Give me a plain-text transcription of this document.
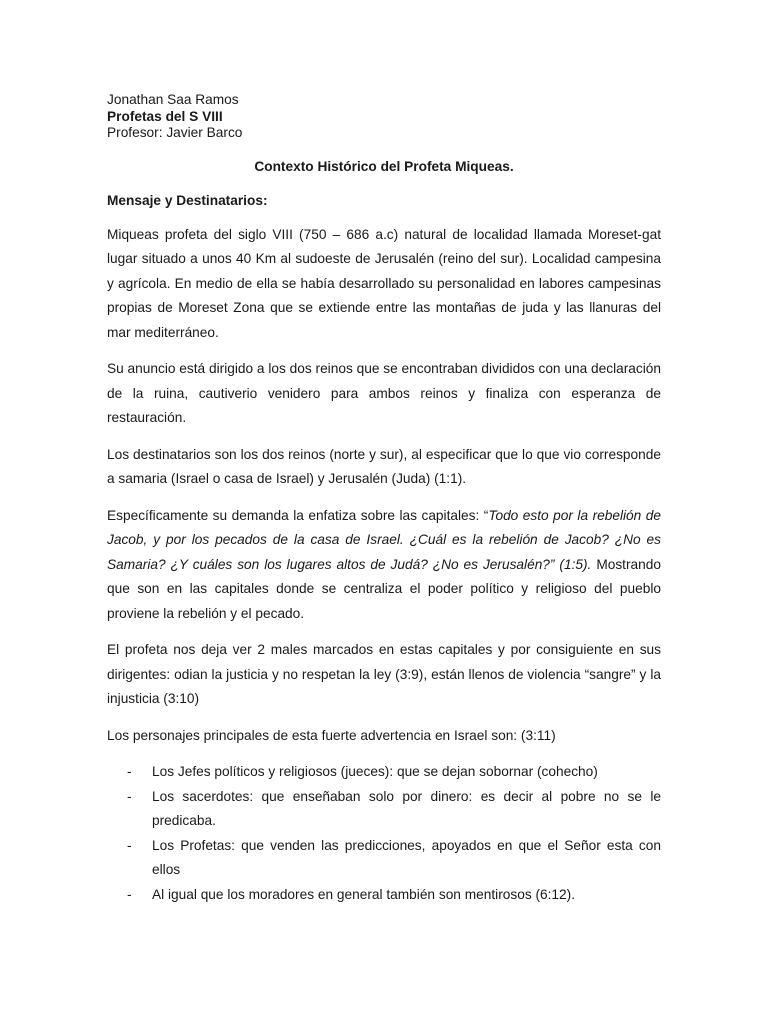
Jonathan Saa Ramos

Profetas del S VIII

Profesor: Javier Barco

Contexto Histórico del Profeta Miqueas.

Mensaje y Destinatarios:

Miqueas profeta del siglo VIII (750 – 686 a.c) natural de localidad llamada Moreset-gat lugar situado a unos 40 Km al sudoeste de Jerusalén (reino del sur). Localidad campesina y agrícola. En medio de ella se había desarrollado su personalidad en labores campesinas propias de Moreset Zona que se extiende entre las montañas de juda y las llanuras del mar mediterráneo.

Su anuncio está dirigido a los dos reinos que se encontraban divididos con una declaración de la ruina, cautiverio venidero para ambos reinos y finaliza con esperanza de restauración.

Los destinatarios son los dos reinos (norte y sur), al especificar que lo que vio corresponde a samaria (Israel o casa de Israel) y Jerusalén (Juda) (1:1).

Específicamente su demanda la enfatiza sobre las capitales: “Todo esto por la rebelión de Jacob, y por los pecados de la casa de Israel. ¿Cuál es la rebelión de Jacob? ¿No es Samaria? ¿Y cuáles son los lugares altos de Judá? ¿No es Jerusalén?” (1:5). Mostrando que son en las capitales donde se centraliza el poder político y religioso del pueblo proviene la rebelión y el pecado.

El profeta nos deja ver 2 males marcados en estas capitales y por consiguiente en sus dirigentes: odian la justicia y no respetan la ley (3:9), están llenos de violencia “sangre” y la injusticia (3:10)

Los personajes principales de esta fuerte advertencia en Israel son: (3:11)

- Los Jefes políticos y religiosos (jueces): que se dejan sobornar (cohecho)
- Los sacerdotes: que enseñaban solo por dinero: es decir al pobre no se le predicaba.
- Los Profetas: que venden las predicciones, apoyados en que el Señor esta con ellos
- Al igual que los moradores en general también son mentirosos (6:12).
